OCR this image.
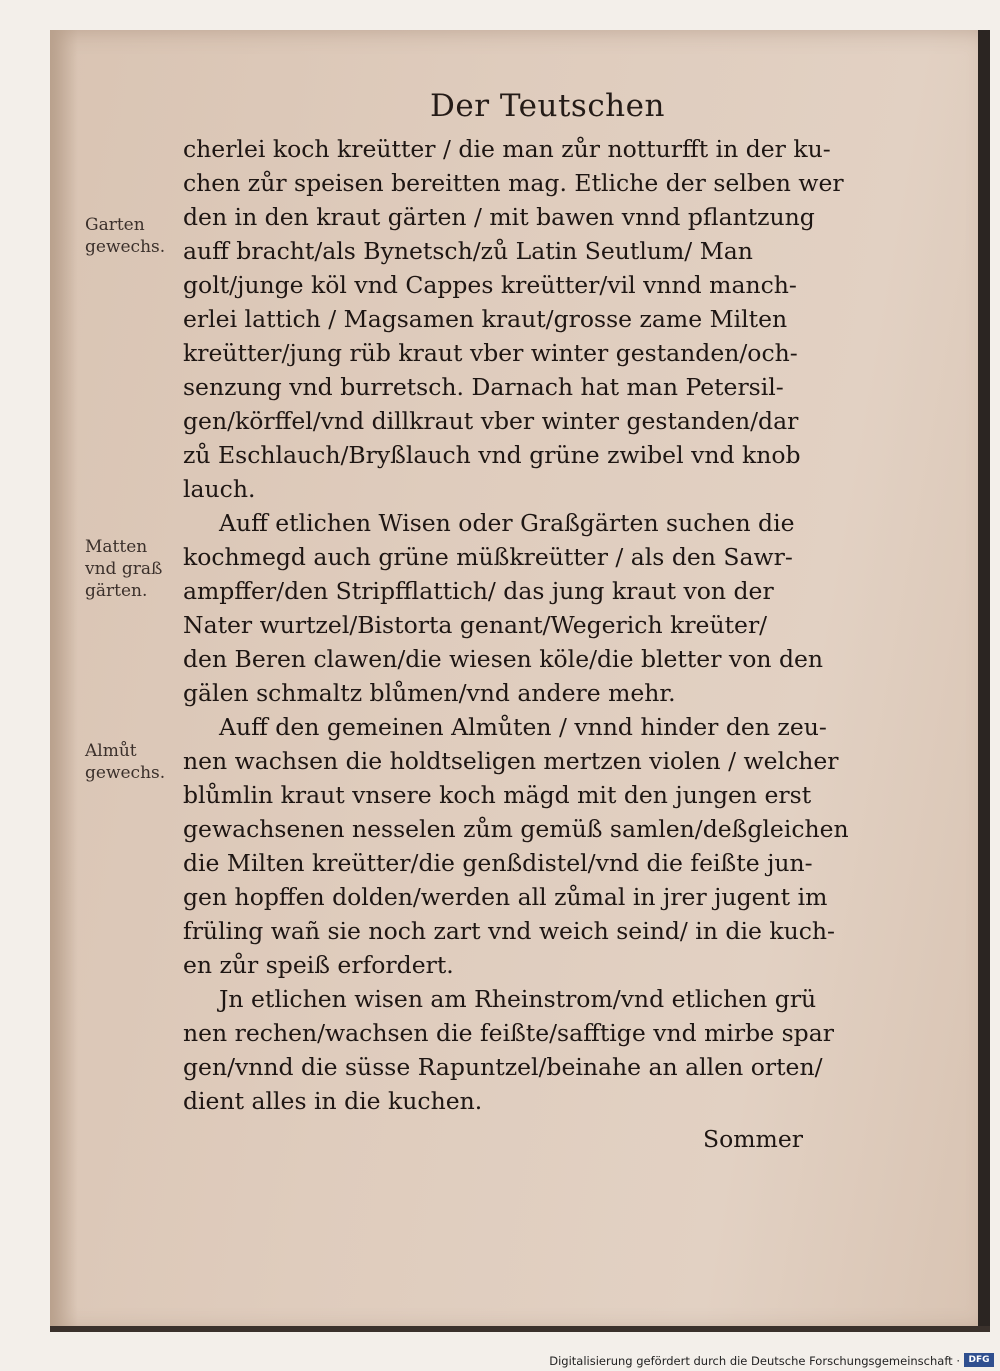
Der Teutschen
Garten
gewechs.
Matten
vnd graß
gärten.
Almůt
gewechs.
cherlei koch kreütter / die man zůr notturfft in der ku-
chen zůr speisen bereitten mag. Etliche der selben wer
den in den kraut gärten / mit bawen vnnd pflantzung
auff bracht/als Bynetsch/zů Latin Seutlum/ Man
golt/junge köl vnd Cappes kreütter/vil vnnd manch-
erlei lattich / Magsamen kraut/grosse zame Milten
kreütter/jung rüb kraut vber winter gestanden/och-
senzung vnd burretsch. Darnach hat man Petersil-
gen/körffel/vnd dillkraut vber winter gestanden/dar
zů Eschlauch/Bryßlauch vnd grüne zwibel vnd knob
lauch.
Auff etlichen Wisen oder Graßgärten suchen die
kochmegd auch grüne müßkreütter / als den Sawr-
ampffer/den Stripfflattich/ das jung kraut von der
Nater wurtzel/Bistorta genant/Wegerich kreüter/
den Beren clawen/die wiesen köle/die bletter von den
gälen schmaltz blůmen/vnd andere mehr.
Auff den gemeinen Almůten / vnnd hinder den zeu-
nen wachsen die holdtseligen mertzen violen / welcher
blůmlin kraut vnsere koch mägd mit den jungen erst
gewachsenen nesselen zům gemüß samlen/deßgleichen
die Milten kreütter/die genßdistel/vnd die feißte jun-
gen hopffen dolden/werden all zůmal in jrer jugent im
früling wañ sie noch zart vnd weich seind/ in die kuch-
en zůr speiß erfordert.
Jn etlichen wisen am Rheinstrom/vnd etlichen grü
nen rechen/wachsen die feißte/safftige vnd mirbe spar
gen/vnnd die süsse Rapuntzel/beinahe an allen orten/
dient alles in die kuchen.
Sommer
Digitalisierung gefördert durch die Deutsche Forschungsgemeinschaft · DFG
